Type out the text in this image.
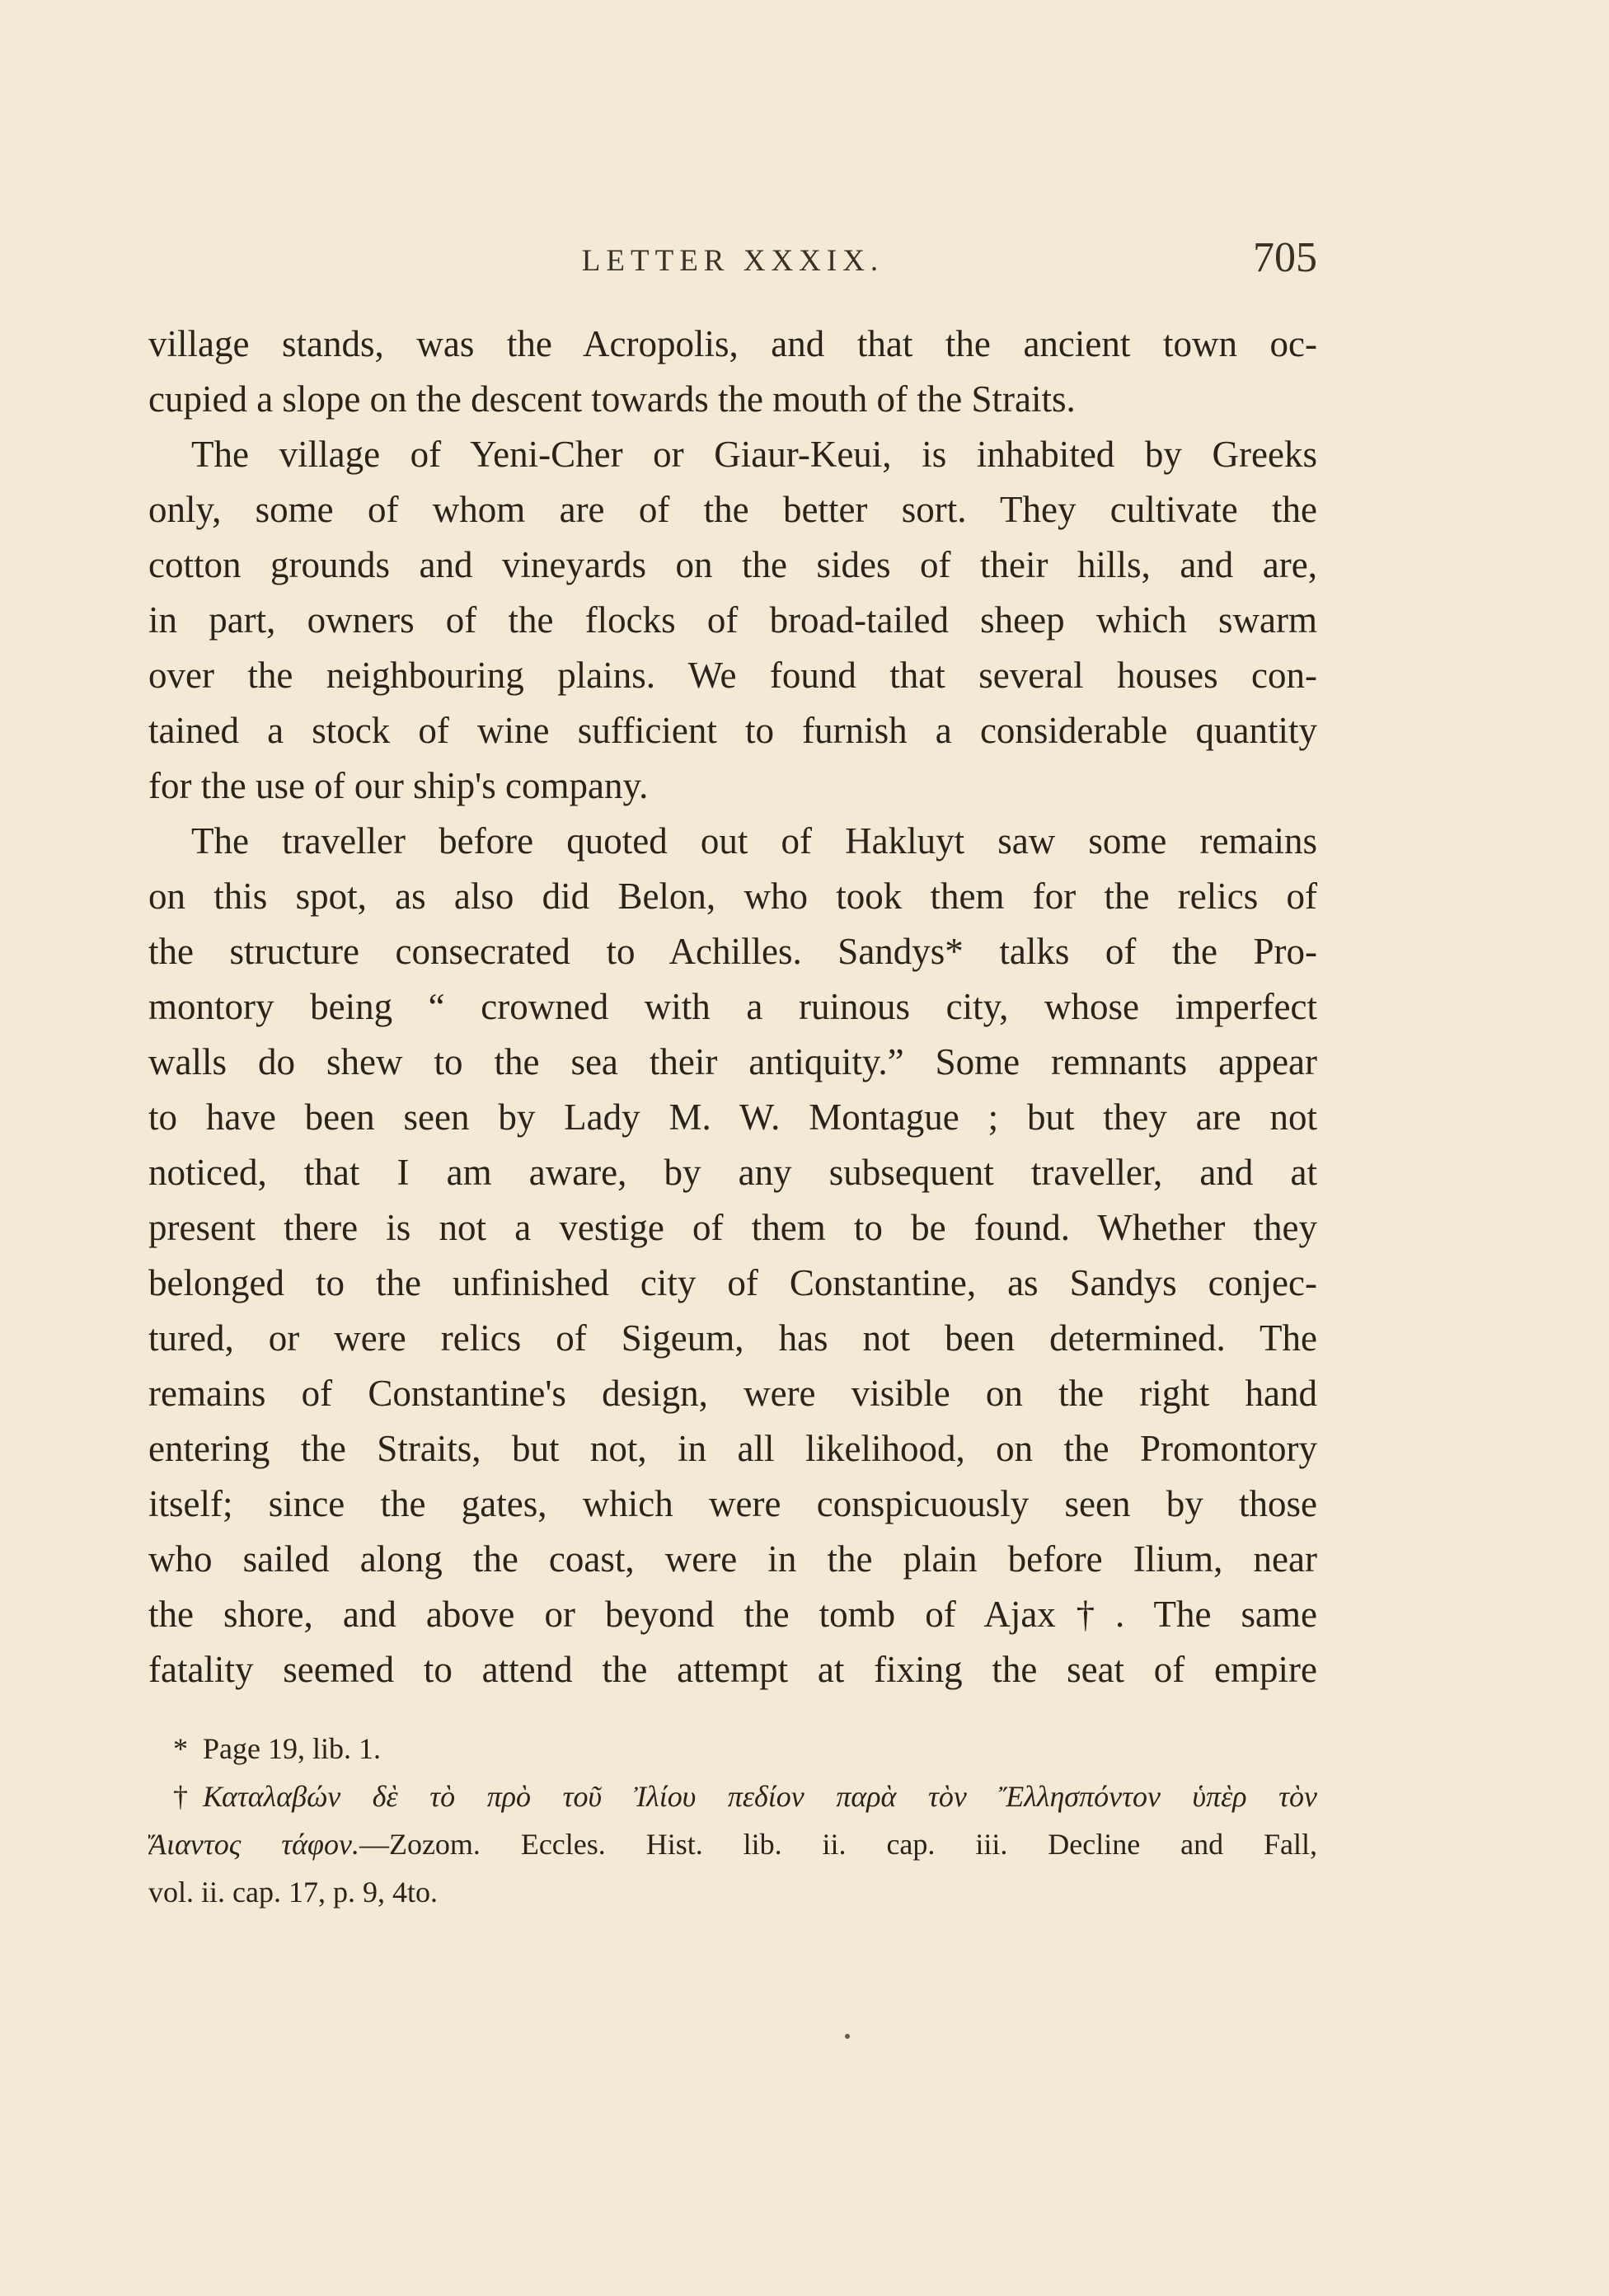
LETTER XXXIX.	705
village stands, was the Acropolis, and that the ancient town oc-
cupied a slope on the descent towards the mouth of the Straits.
The village of Yeni-Cher or Giaur-Keui, is inhabited by Greeks
only, some of whom are of the better sort. They cultivate the
cotton grounds and vineyards on the sides of their hills, and are,
in part, owners of the flocks of broad-tailed sheep which swarm
over the neighbouring plains. We found that several houses con-
tained a stock of wine sufficient to furnish a considerable quantity
for the use of our ship's company.
The traveller before quoted out of Hakluyt saw some remains
on this spot, as also did Belon, who took them for the relics of
the structure consecrated to Achilles. Sandys* talks of the Pro-
montory being “ crowned with a ruinous city, whose imperfect
walls do shew to the sea their antiquity.” Some remnants appear
to have been seen by Lady M. W. Montague ; but they are not
noticed, that I am aware, by any subsequent traveller, and at
present there is not a vestige of them to be found. Whether they
belonged to the unfinished city of Constantine, as Sandys conjec-
tured, or were relics of Sigeum, has not been determined. The
remains of Constantine's design, were visible on the right hand
entering the Straits, but not, in all likelihood, on the Promontory
itself; since the gates, which were conspicuously seen by those
who sailed along the coast, were in the plain before Ilium, near
the shore, and above or beyond the tomb of Ajax†. The same
fatality seemed to attend the attempt at fixing the seat of empire
* Page 19, lib. 1.
† Καταλαβών δὲ τὸ πρὸ τοῦ Ἰλίου πεδίον παρὰ τὸν Ἔλλησπόντον ὑπὲρ τὸν
Ἄιαντος τάφον.—Zozom. Eccles. Hist. lib. ii. cap. iii. Decline and Fall,
vol. ii. cap. 17, p. 9, 4to.
